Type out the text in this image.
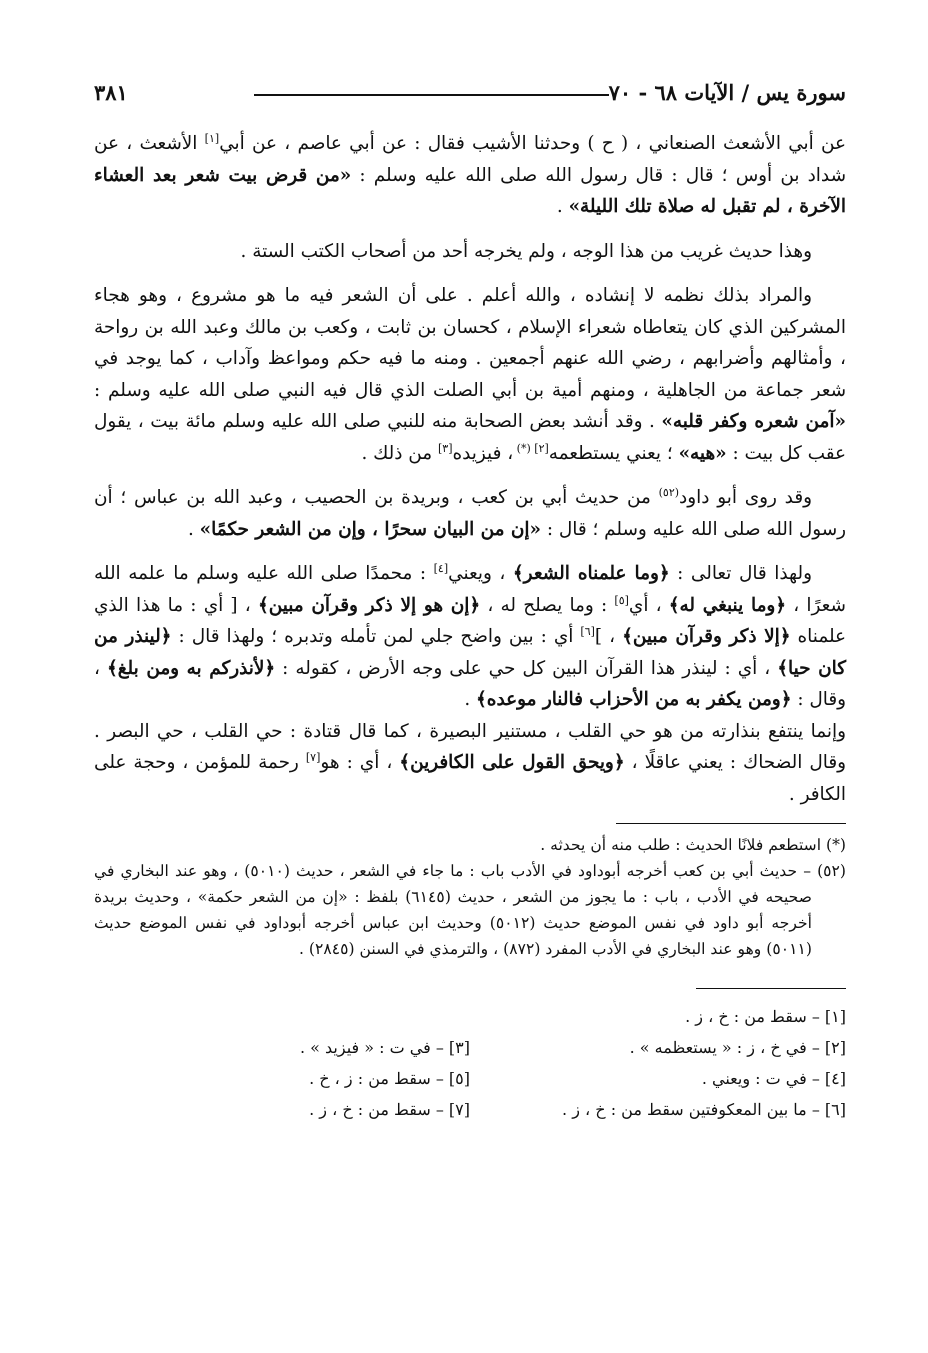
سورة يس / الآيات ٦٨ - ٧٠
٣٨١

عن أبي الأشعث الصنعاني ، ( ح ) وحدثنا الأشيب فقال : عن أبي عاصم ، عن أبي[١] الأشعث ، عن شداد بن أوس ؛ قال : قال رسول الله صلى الله عليه وسلم : «من قرض بيت شعر بعد العشاء الآخرة ، لم تقبل له صلاة تلك الليلة» .

وهذا حديث غريب من هذا الوجه ، ولم يخرجه أحد من أصحاب الكتب الستة .

والمراد بذلك نظمه لا إنشاده ، والله أعلم . على أن الشعر فيه ما هو مشروع ، وهو هجاء المشركين الذي كان يتعاطاه شعراء الإسلام ، كحسان بن ثابت ، وكعب بن مالك وعبد الله بن رواحة ، وأمثالهم وأضرابهم ، رضي الله عنهم أجمعين . ومنه ما فيه حكم ومواعظ وآداب ، كما يوجد في شعر جماعة من الجاهلية ، ومنهم أمية بن أبي الصلت الذي قال فيه النبي صلى الله عليه وسلم : «آمن شعره وكفر قلبه» . وقد أنشد بعض الصحابة منه للنبي صلى الله عليه وسلم مائة بيت ، يقول عقب كل بيت : «هيه» ؛ يعني يستطعمه[٢] (*) ، فيزيده[٣] من ذلك .

وقد روى أبو داود$^{(٥٢)}$ من حديث أبي بن كعب ، وبريدة بن الحصيب ، وعبد الله بن عباس ؛ أن رسول الله صلى الله عليه وسلم ؛ قال : «إن من البيان سحرًا ، وإن من الشعر حكمًا» .

ولهذا قال تعالى : ﴿وما علمناه الشعر﴾ ، ويعني[٤] : محمدًا صلى الله عليه وسلم ما علمه الله شعرًا ، ﴿وما ينبغي له﴾ ، أي[٥] : وما يصلح له ، ﴿إن هو إلا ذكر وقرآن مبين﴾ ، [ أي : ما هذا الذي علمناه ﴿إلا ذكر وقرآن مبين﴾ ، ][٦] أي : بين واضح جلي لمن تأمله وتدبره ؛ ولهذا قال : ﴿لينذر من كان حيا﴾ ، أي : لينذر هذا القرآن البين كل حي على وجه الأرض ، كقوله : ﴿لأنذركم به ومن بلغ﴾ ، وقال : ﴿ومن يكفر به من الأحزاب فالنار موعده﴾ .

وإنما ينتفع بنذارته من هو حي القلب ، مستنير البصيرة ، كما قال قتادة : حي القلب ، حي البصر . وقال الضحاك : يعني عاقلًا ، ﴿ويحق القول على الكافرين﴾ ، أي : هو[٧] رحمة للمؤمن ، وحجة على الكافر .

(*) استطعم فلانًا الحديث : طلب منه أن يحدثه .

(٥٢) – حديث أبي بن كعب أخرجه أبوداود في الأدب باب : ما جاء في الشعر ، حديث (٥٠١٠) ، وهو عند البخاري في صحيحه في الأدب ، باب : ما يجوز من الشعر ، حديث (٦١٤٥) بلفظ : «إن من الشعر حكمة» ، وحديث بريدة أخرجه أبو داود في نفس الموضع حديث (٥٠١٢) وحديث ابن عباس أخرجه أبوداود في نفس الموضع حديث (٥٠١١) وهو عند البخاري في الأدب المفرد (٨٧٢) ، والترمذي في السنن (٢٨٤٥) .

[١] – سقط من : خ ، ز .
[٢] – في خ ، ز : « يستعظمه » .
[٣] – في ت : « فيزيد » .
[٤] – في ت : ويعني .
[٥] – سقط من : ز ، خ .
[٦] – ما بين المعكوفتين سقط من : خ ، ز .
[٧] – سقط من : خ ، ز .
